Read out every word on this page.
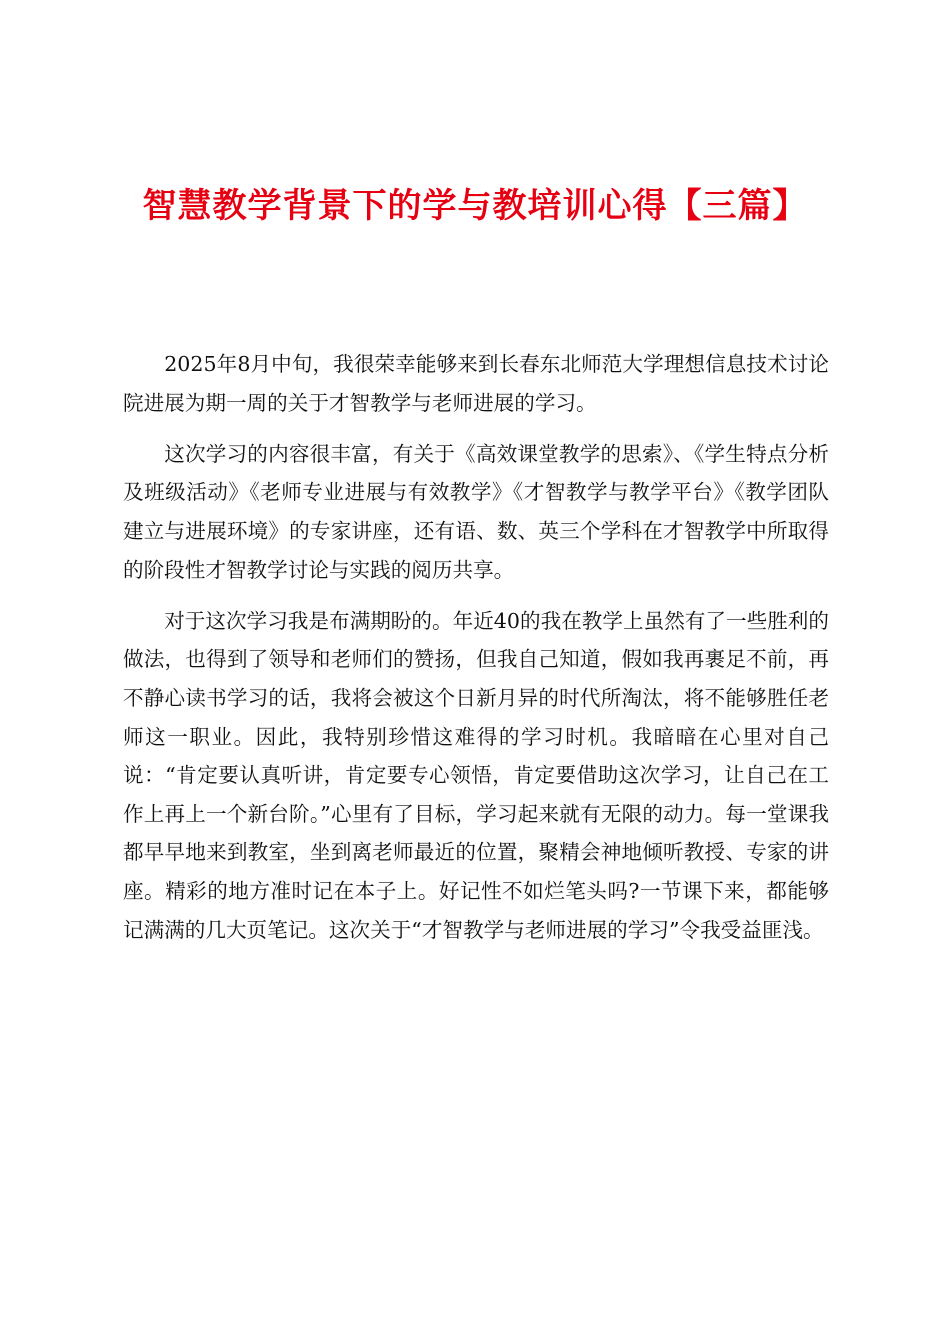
智慧教学背景下的学与教培训心得【三篇】

2025年8月中旬，我很荣幸能够来到长春东北师范大学理想信息技术讨论院进展为期一周的关于才智教学与老师进展的学习。

这次学习的内容很丰富，有关于《高效课堂教学的思索》、《学生特点分析及班级活动》《老师专业进展与有效教学》《才智教学与教学平台》《教学团队建立与进展环境》的专家讲座，还有语、数、英三个学科在才智教学中所取得的阶段性才智教学讨论与实践的阅历共享。

对于这次学习我是布满期盼的。年近40的我在教学上虽然有了一些胜利的做法，也得到了领导和老师们的赞扬，但我自己知道，假如我再裹足不前，再不静心读书学习的话，我将会被这个日新月异的时代所淘汰，将不能够胜任老师这一职业。因此，我特别珍惜这难得的学习时机。我暗暗在心里对自己说：“肯定要认真听讲，肯定要专心领悟，肯定要借助这次学习，让自己在工作上再上一个新台阶。”心里有了目标，学习起来就有无限的动力。每一堂课我都早早地来到教室，坐到离老师最近的位置，聚精会神地倾听教授、专家的讲座。精彩的地方准时记在本子上。好记性不如烂笔头吗?一节课下来，都能够记满满的几大页笔记。这次关于“才智教学与老师进展的学习”令我受益匪浅。
